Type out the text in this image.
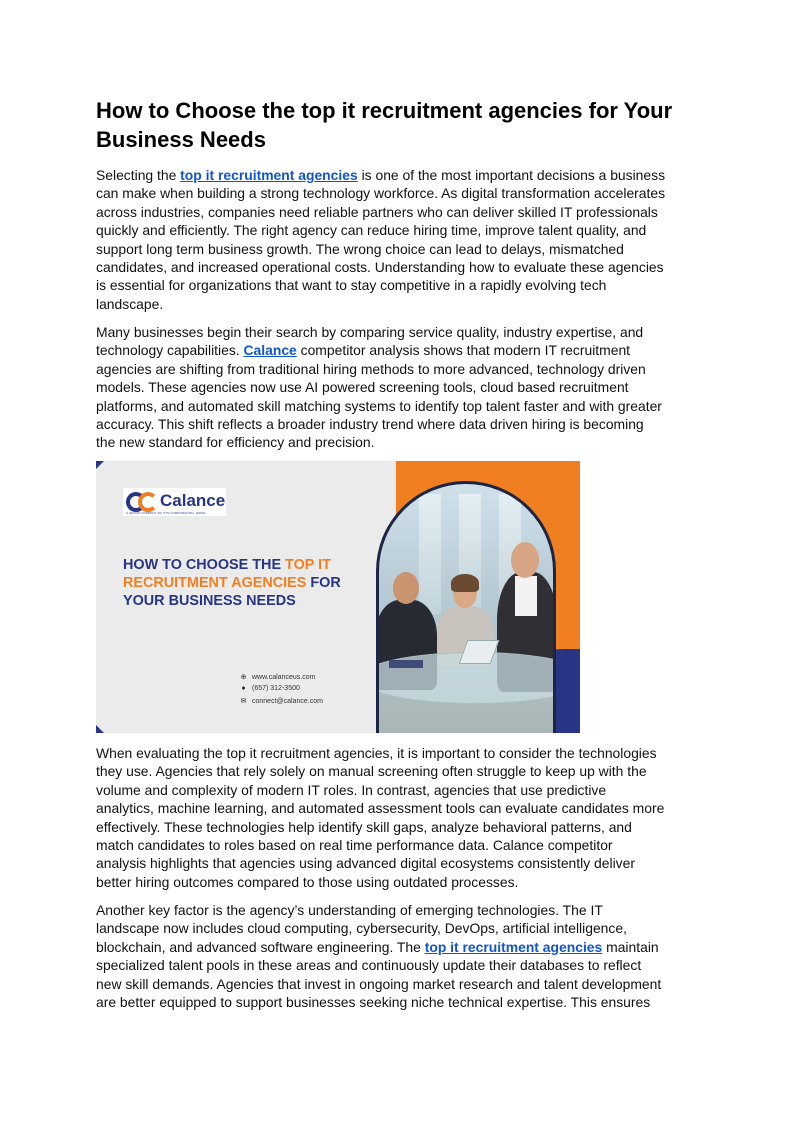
How to Choose the top it recruitment agencies for Your Business Needs

Selecting the top it recruitment agencies is one of the most important decisions a business
can make when building a strong technology workforce. As digital transformation accelerates
across industries, companies need reliable partners who can deliver skilled IT professionals
quickly and efficiently. The right agency can reduce hiring time, improve talent quality, and
support long term business growth. The wrong choice can lead to delays, mismatched
candidates, and increased operational costs. Understanding how to evaluate these agencies
is essential for organizations that want to stay competitive in a rapidly evolving tech
landscape.

Many businesses begin their search by comparing service quality, industry expertise, and
technology capabilities. Calance competitor analysis shows that modern IT recruitment
agencies are shifting from traditional hiring methods to more advanced, technology driven
models. These agencies now use AI powered screening tools, cloud based recruitment
platforms, and automated skill matching systems to identify top talent faster and with greater
accuracy. This shift reflects a broader industry trend where data driven hiring is becoming
the new standard for efficiency and precision.

Calance
A GROUP COMPANY OF CTS CORPORATION, JAPAN
HOW TO CHOOSE THE TOP IT
RECRUITMENT AGENCIES FOR
YOUR BUSINESS NEEDS
⊕ www.calanceus.com
● (657) 312-3500
✉ connect@calance.com

When evaluating the top it recruitment agencies, it is important to consider the technologies
they use. Agencies that rely solely on manual screening often struggle to keep up with the
volume and complexity of modern IT roles. In contrast, agencies that use predictive
analytics, machine learning, and automated assessment tools can evaluate candidates more
effectively. These technologies help identify skill gaps, analyze behavioral patterns, and
match candidates to roles based on real time performance data. Calance competitor
analysis highlights that agencies using advanced digital ecosystems consistently deliver
better hiring outcomes compared to those using outdated processes.

Another key factor is the agency’s understanding of emerging technologies. The IT
landscape now includes cloud computing, cybersecurity, DevOps, artificial intelligence,
blockchain, and advanced software engineering. The top it recruitment agencies maintain
specialized talent pools in these areas and continuously update their databases to reflect
new skill demands. Agencies that invest in ongoing market research and talent development
are better equipped to support businesses seeking niche technical expertise. This ensures
